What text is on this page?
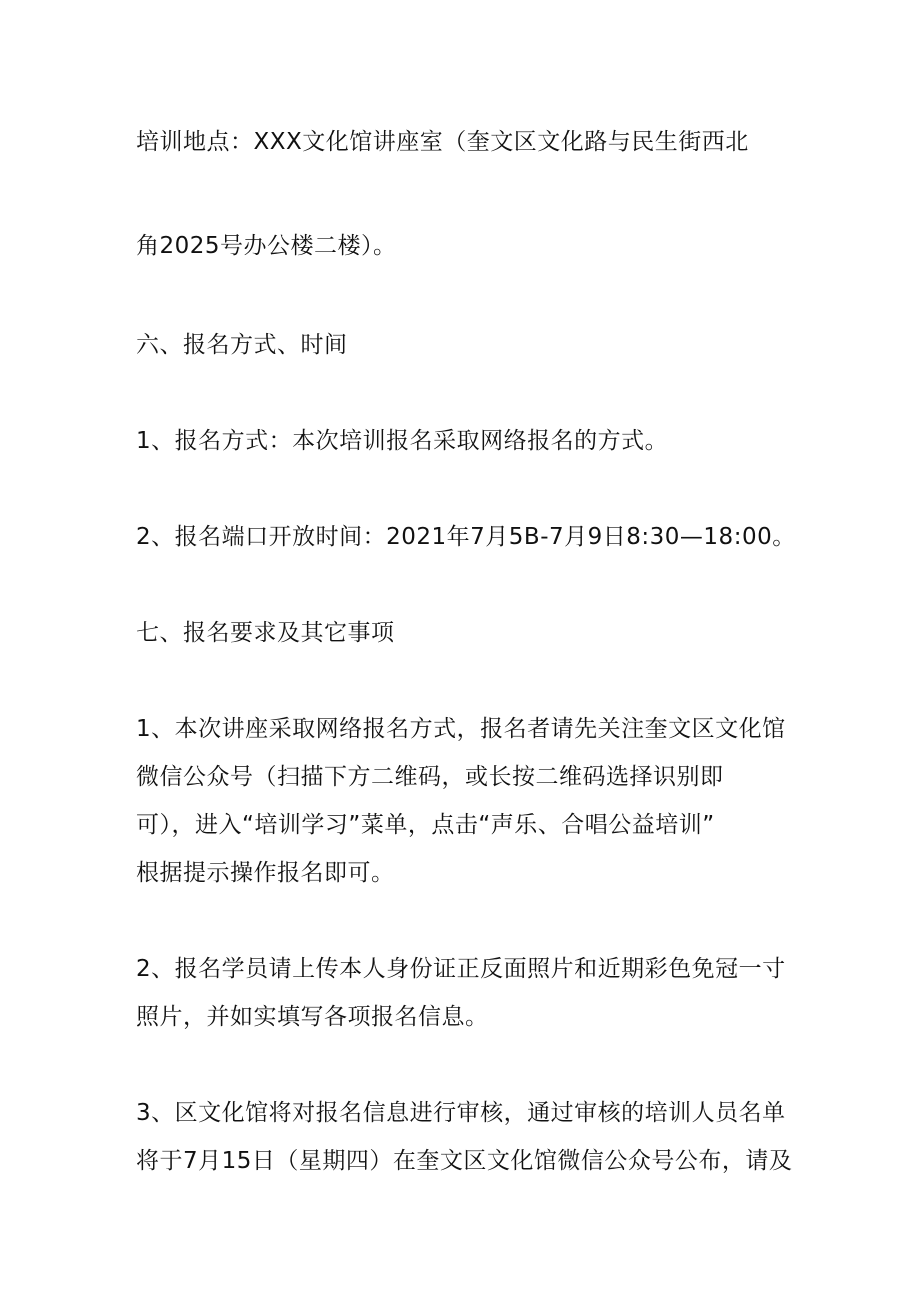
培训地点：XXX文化馆讲座室（奎文区文化路与民生街西北
角2025号办公楼二楼）。
六、报名方式、时间
1、报名方式：本次培训报名采取网络报名的方式。
2、报名端口开放时间：2021年7月5B-7月9日8:30—18:00。
七、报名要求及其它事项
1、本次讲座采取网络报名方式，报名者请先关注奎文区文化馆
微信公众号（扫描下方二维码，或长按二维码选择识别即
可），进入“培训学习”菜单，点击“声乐、合唱公益培训”
根据提示操作报名即可。
2、报名学员请上传本人身份证正反面照片和近期彩色免冠一寸
照片，并如实填写各项报名信息。
3、区文化馆将对报名信息进行审核，通过审核的培训人员名单
将于7月15日（星期四）在奎文区文化馆微信公众号公布，请及
